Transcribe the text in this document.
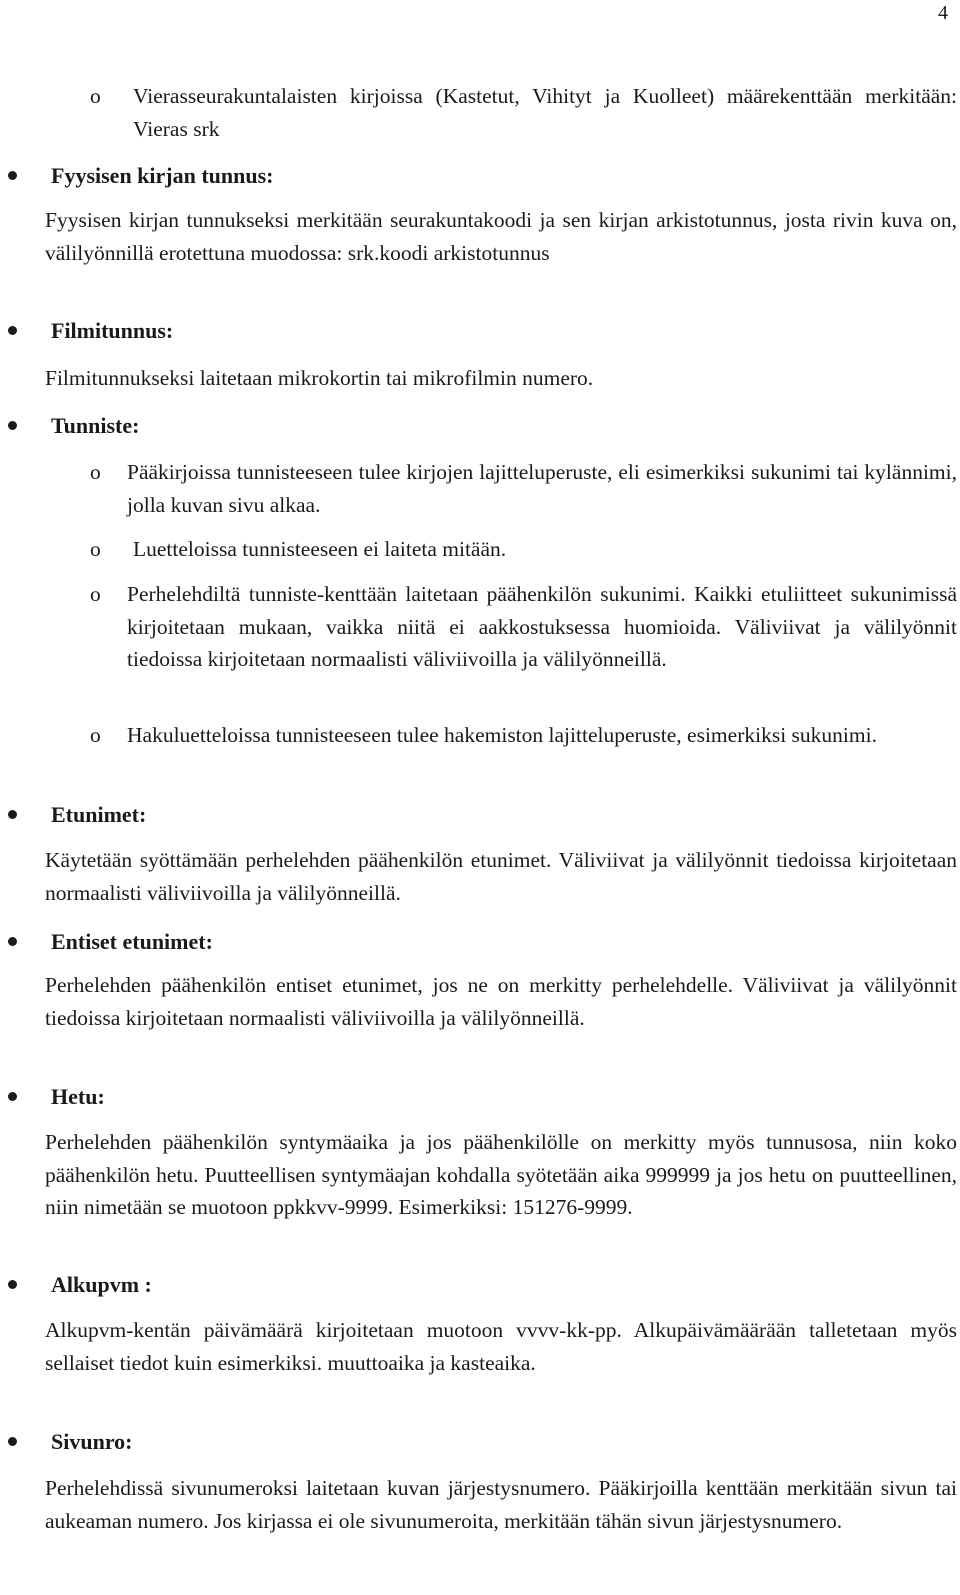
4
o Vierasseurakuntalaisten kirjoissa (Kastetut, Vihityt ja Kuolleet) määrekenttään merkitään: Vieras srk
Fyysisen kirjan tunnus:
Fyysisen kirjan tunnukseksi merkitään seurakuntakoodi ja sen kirjan arkistotunnus, josta rivin kuva on, välilyönnillä erotettuna muodossa: srk.koodi arkistotunnus
Filmitunnus:
Filmitunnukseksi laitetaan mikrokortin tai mikrofilmin numero.
Tunniste:
o Pääkirjoissa tunnisteeseen tulee kirjojen lajitteluperuste, eli esimerkiksi sukunimi tai kylännimi, jolla kuvan sivu alkaa.
o Luetteloissa tunnisteeseen ei laiteta mitään.
o Perhelehdiltä tunniste-kenttään laitetaan päähenkilön sukunimi. Kaikki etuliitteet sukunimissä kirjoitetaan mukaan, vaikka niitä ei aakkostuksessa huomioida. Väliviivat ja välilyönnit tiedoissa kirjoitetaan normaalisti väliviivoilla ja välilyönneillä.
o Hakuluetteloissa tunnisteeseen tulee hakemiston lajitteluperuste, esimerkiksi sukunimi.
Etunimet:
Käytetään syöttämään perhelehden päähenkilön etunimet. Väliviivat ja välilyönnit tiedoissa kirjoitetaan normaalisti väliviivoilla ja välilyönneillä.
Entiset etunimet:
Perhelehden päähenkilön entiset etunimet, jos ne on merkitty perhelehdelle. Väliviivat ja välilyönnit tiedoissa kirjoitetaan normaalisti väliviivoilla ja välilyönneillä.
Hetu:
Perhelehden päähenkilön syntymäaika ja jos päähenkilölle on merkitty myös tunnusosa, niin koko päähenkilön hetu. Puutteellisen syntymäajan kohdalla syötetään aika 999999 ja jos hetu on puutteellinen, niin nimetään se muotoon ppkkvv-9999. Esimerkiksi: 151276-9999.
Alkupvm :
Alkupvm-kentän päivämäärä kirjoitetaan muotoon vvvv-kk-pp. Alkupäivämäärään talletetaan myös sellaiset tiedot kuin esimerkiksi. muuttoaika ja kasteaika.
Sivunro:
Perhelehdissä sivunumeroksi laitetaan kuvan järjestysnumero. Pääkirjoilla kenttään merkitään sivun tai aukeaman numero. Jos kirjassa ei ole sivunumeroita, merkitään tähän sivun järjestysnumero.
